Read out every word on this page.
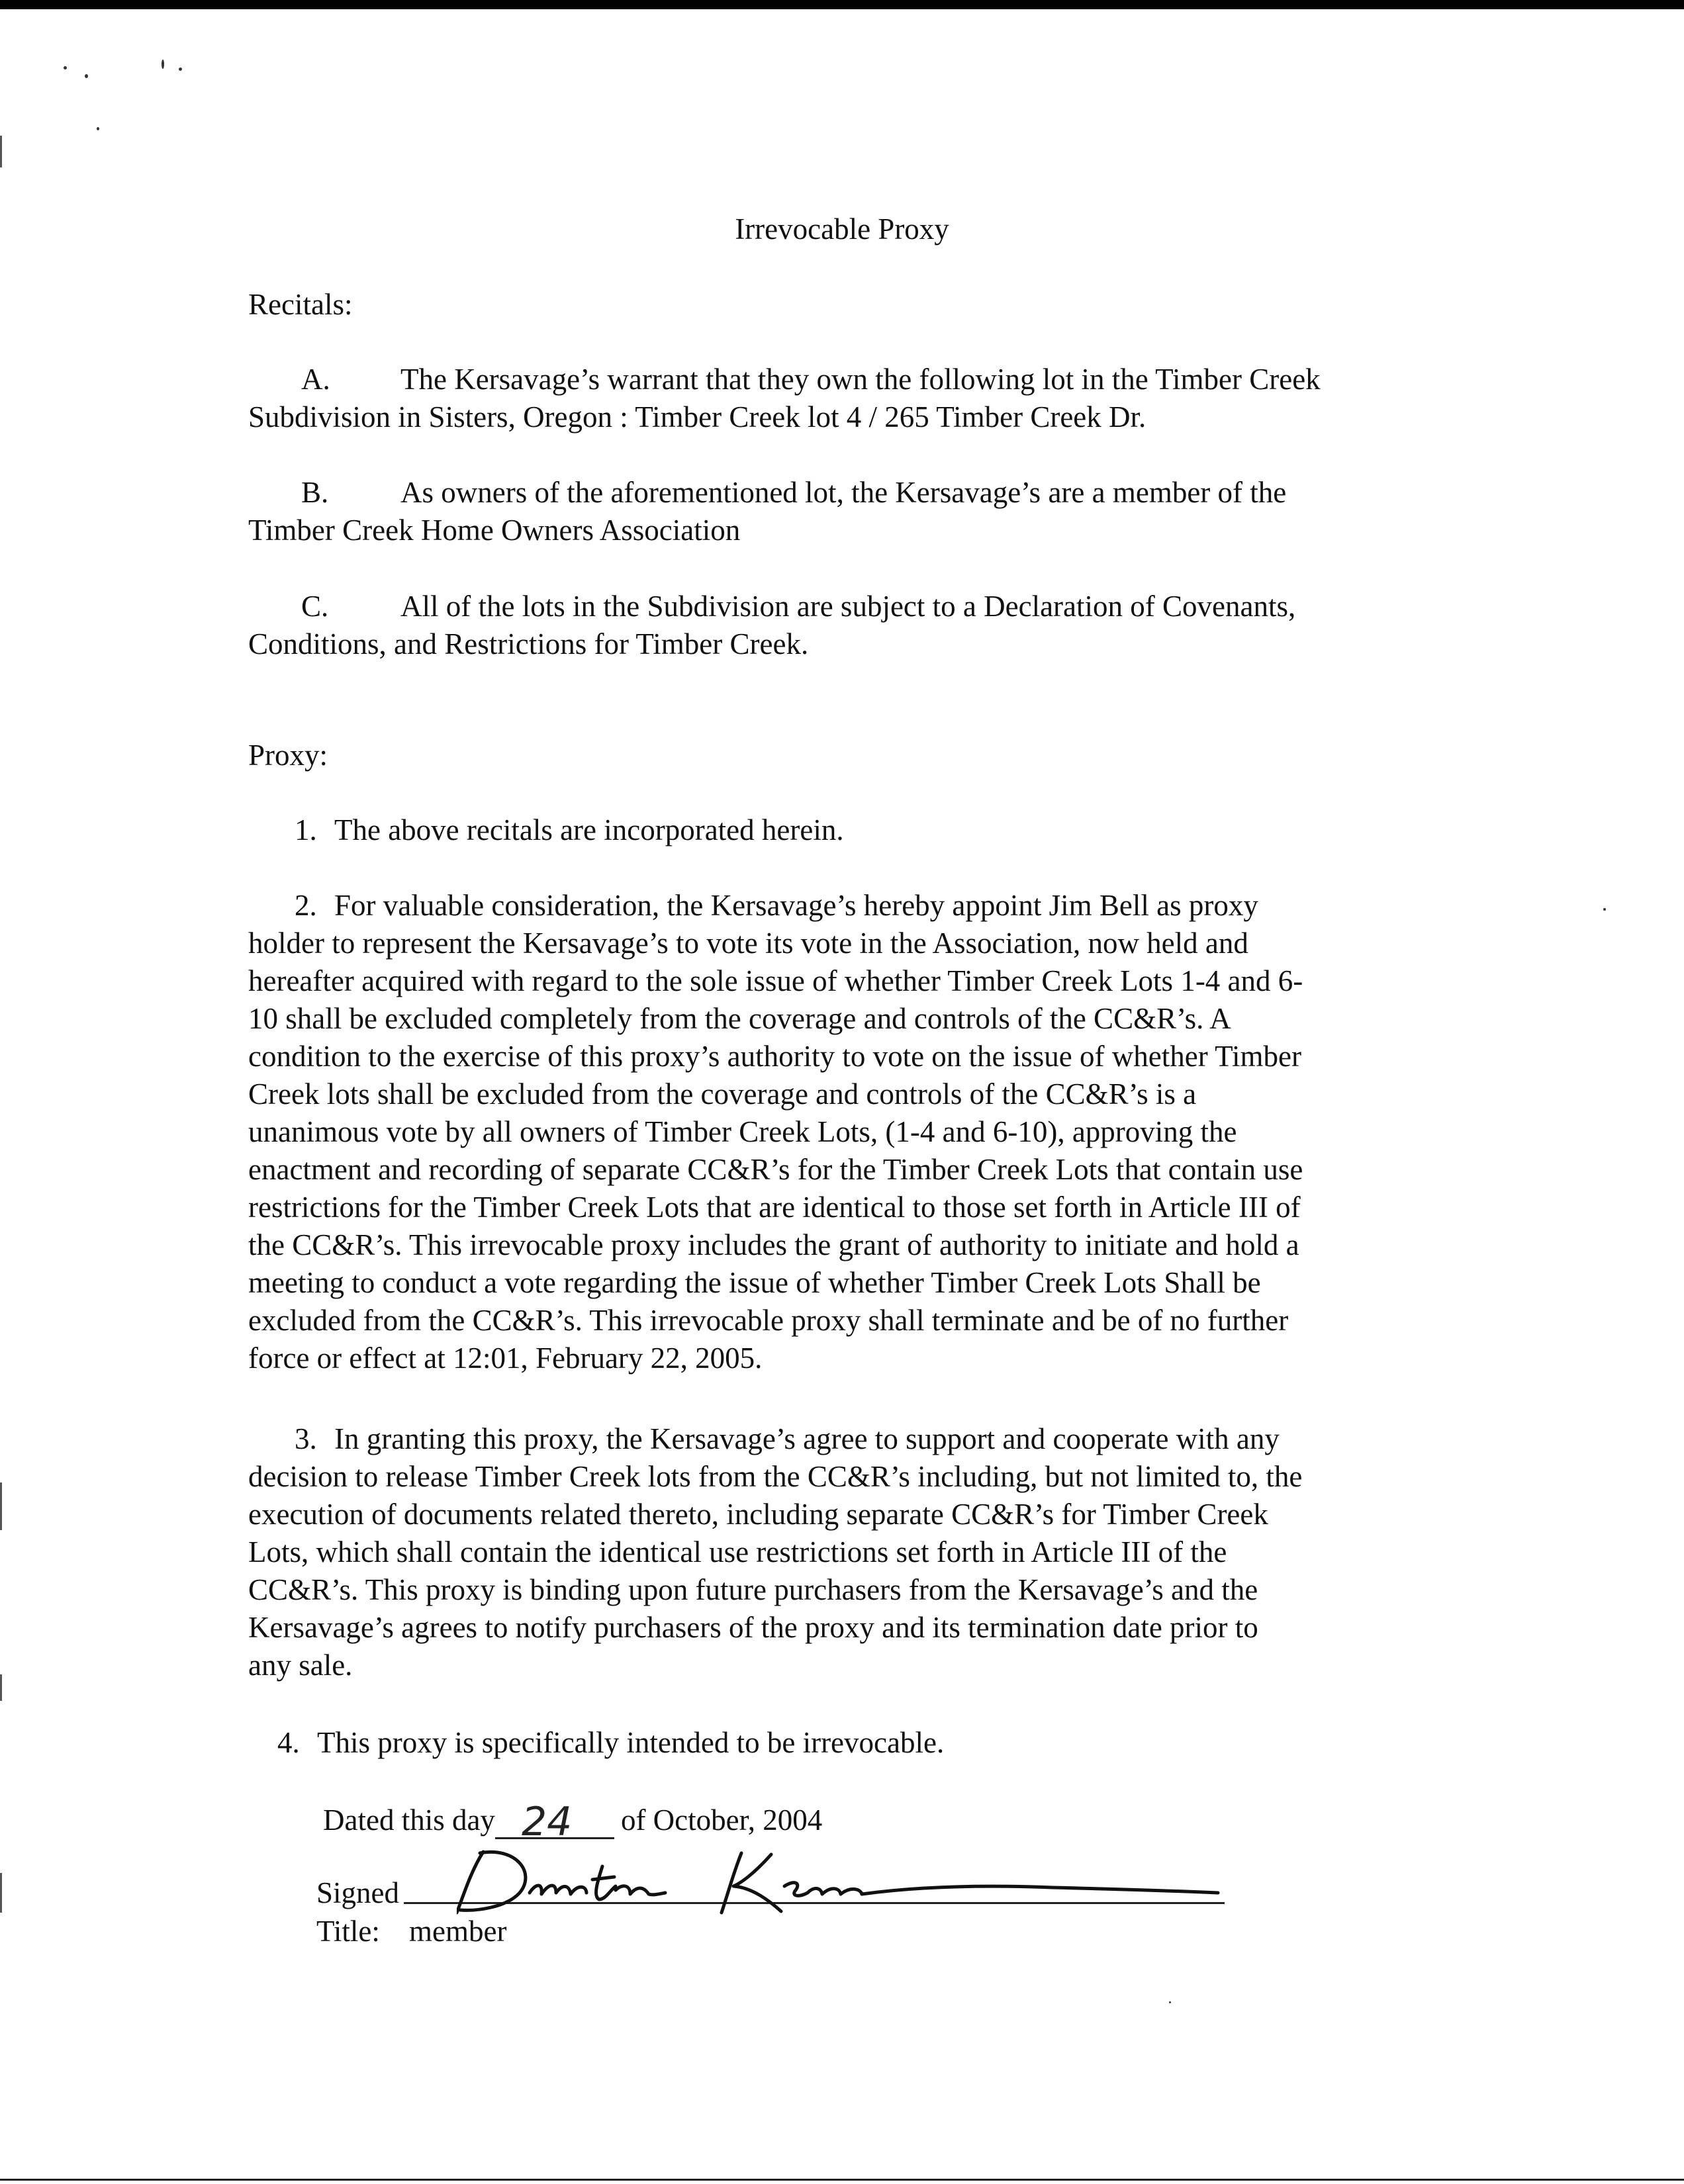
Irrevocable Proxy
Recitals:
A. The Kersavage’s warrant that they own the following lot in the Timber Creek
Subdivision in Sisters, Oregon : Timber Creek lot 4 / 265 Timber Creek Dr.
B. As owners of the aforementioned lot, the Kersavage’s are a member of the
Timber Creek Home Owners Association
C. All of the lots in the Subdivision are subject to a Declaration of Covenants,
Conditions, and Restrictions for Timber Creek.
Proxy:
1. The above recitals are incorporated herein.
2. For valuable consideration, the Kersavage’s hereby appoint Jim Bell as proxy
holder to represent the Kersavage’s to vote its vote in the Association, now held and
hereafter acquired with regard to the sole issue of whether Timber Creek Lots 1-4 and 6-
10 shall be excluded completely from the coverage and controls of the CC&R’s. A
condition to the exercise of this proxy’s authority to vote on the issue of whether Timber
Creek lots shall be excluded from the coverage and controls of the CC&R’s is a
unanimous vote by all owners of Timber Creek Lots, (1-4 and 6-10), approving the
enactment and recording of separate CC&R’s for the Timber Creek Lots that contain use
restrictions for the Timber Creek Lots that are identical to those set forth in Article III of
the CC&R’s. This irrevocable proxy includes the grant of authority to initiate and hold a
meeting to conduct a vote regarding the issue of whether Timber Creek Lots Shall be
excluded from the CC&R’s. This irrevocable proxy shall terminate and be of no further
force or effect at 12:01, February 22, 2005.
3. In granting this proxy, the Kersavage’s agree to support and cooperate with any
decision to release Timber Creek lots from the CC&R’s including, but not limited to, the
execution of documents related thereto, including separate CC&R’s for Timber Creek
Lots, which shall contain the identical use restrictions set forth in Article III of the
CC&R’s. This proxy is binding upon future purchasers from the Kersavage’s and the
Kersavage’s agrees to notify purchasers of the proxy and its termination date prior to
any sale.
4. This proxy is specifically intended to be irrevocable.
Dated this day 24 of October, 2004
Signed
Title: member
